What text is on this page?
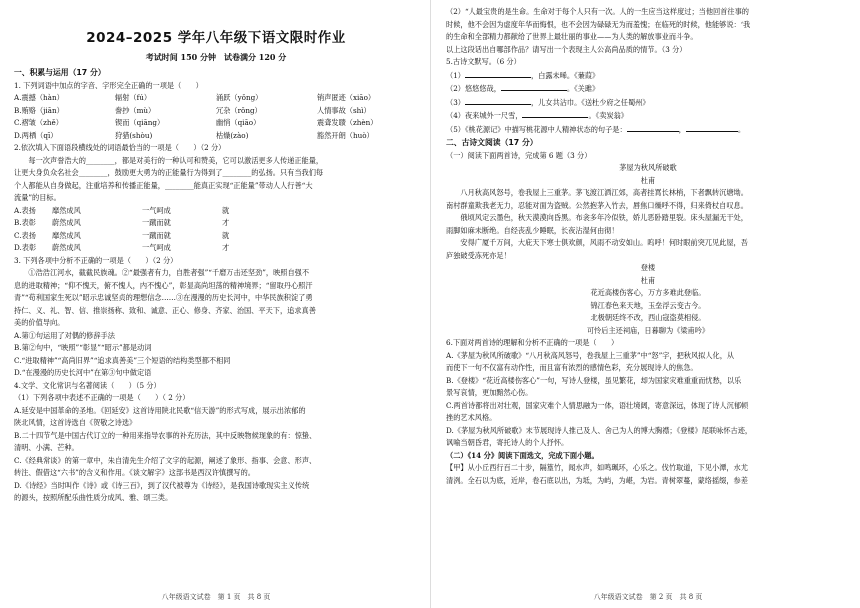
2024–2025 学年八年级下语文限时作业
考试时间 150 分钟　试卷满分 120 分
一、积累与运用（17 分）

1. 下列词语中加点的字音、字形完全正确的一项是（　　）

A.震撼（hàn）	辐射（fú）	涌跃（yǒng）	销声匿迹（xiāo）
B.贿赂（jiān）	誊抄（mù）	冗杂（rǒng）	人情事故（shì）
C.褶皱（zhě）	锲而（qiāng）	幽悄（qiāo）	震聋发聩（zhèn）
D.两栖（qī）	狩猎(shòu)	枯燥(zào)	豁然开朗（huò）

2.依次填入下面语段横线处的词语最恰当的一项是（　　）（2 分）

每一次声誉浩大的________，都是对美行的一种认可和赞美，它可以激活更多人传递正能量，

让更大身负众名社会________，鼓励更大勇为的正能量行为得到了________的弘扬。只有当我们每

个人都能从自身做起，注重培养和传播正能量，________能真正实现“正能量”带动人人行善“大

流量”的目标。

A.表扬	靡然成风	一气呵成	就
B.表彰	蔚然成风	一蹴而就	才
C.表扬	靡然成风	一蹴而就	就
D.表彰	蔚然成风	一气呵成	才

3. 下列各项中分析不正确的一项是（　　）（2 分）

①浩浩江河水，截截民族魂。②“最强者有力，自胜者强”“千磨万击还坚劲”，映照自强不

息的进取精神；“仰不愧天，俯不愧人，内不愧心”，彰显高尚坦荡的精神境界；“留取丹心照汗

青”“苟利国家生死以”昭示忠诚坚贞的理想信念……③在漫漫的历史长河中，中华民族积淀了勇

持仁、义、礼、智、信、推崇扬称、致和、诚意、正心、修身、齐家、治国、平天下，追求真善

美的价值导向。

A.第①句运用了对偶的修辞手法

B.第②句中，“映照”“彰显”“昭示”都是动词

C.“进取精神”“高尚旧界”“追求真善美”三个短语的结构类型都不相同

D.“在漫漫的历史长河中”在第③句中做定语

4.文学、文化常识与名著阅读（　　）（5 分）

（1）下列各项中表述不正确的一项是（　　）（ 2 分）

A.延安是中国革命的圣地。《回延安》这首诗用陕北民歌“信天游”的形式写成，展示出浓郁的

陕北风情，这首诗选自《贺敬之诗选》

B.二十四节气是中国古代订立的一种用来指导农事的补充历法，其中反映物候现象的有：惊蛰、

清明、小满、芒种。

C.《经典常谈》的第一章中，朱自清先生介绍了文字的起源，阐述了象形、指事、会意、形声、

转注、假借这“六书”的含义和作用。《谈文解字》这部书是西汉许慎撰写的。

D.《诗经》当时叫作《诗》或《诗三百》，到了汉代被尊为《诗经》，是我国诗歌现实主义传统

的源头，按照所配乐曲性质分成风、雅、颂三类。

八年级语文试卷　第 1 页　共 8 页

（2）“人最宝贵的是生命。生命对于每个人只有一次。人的一生应当这样度过；当他回首往事的

时候，他不会因为虚度年华而悔恨，也不会因为碌碌无为而羞愧；在临死的时候，他能够说：‘我

的生命和全部精力都献给了世界上最壮丽的事业——为人类的解放事业而斗争。

以上这段话出自哪部作品？请写出一个表现主人公高尚品质的情节。（3 分）

5.古诗文默写。（6 分）

（1）	，白露未晞。《蒹葭》

（2）悠悠悠哉，	。《关雎》

（3）	，儿女共沾巾。《送杜少府之任蜀州》

（4）夜来城外一尺雪，	。《卖炭翁》

（5）《桃花源记》中描写桃花源中人精神状态的句子是：	，	。

二、古诗文阅读（17 分）

（一）阅读下面两首诗，完成第 6 题（3 分）

茅屋为秋风所破歌

杜甫

八月秋高风怒号，卷我屋上三重茅。茅飞渡江洒江郊，高者挂罥长林梢，下者飘转沉塘坳。

南村群童欺我老无力，忍能对面为盗贼。公然抱茅入竹去，唇焦口燥呼不得，归来倚杖自叹息。

俄顷风定云墨色，秋天漠漠向昏黑。布衾多年冷似铁，娇儿恶卧踏里裂。床头屋漏无干处，

雨脚如麻未断绝。自经丧乱少睡眠，长夜沾湿何由彻！

安得广厦千万间，大庇天下寒士俱欢颜，风雨不动安如山。呜呼！何时眼前突兀见此屋，吾

庐独破受冻死亦足！

登楼

杜甫

花近高楼伤客心，万方多难此登临。

锦江春色来天地，玉垒浮云变古今。

北极朝廷终不改，西山寇盗莫相侵。

可怜后主还祠庙，日暮聊为《梁甫吟》

6.下面对两首诗的理解和分析不正确的一项是（　　）

A.《茅屋为秋风所破歌》“八月秋高风怒号，卷我屋上三重茅”中“怒”字，把秋风拟人化，从

而使下一句不仅富有动作性，而且富有浓烈的感情色彩，充分展现诗人的焦急。

B.《登楼》“花近高楼伤客心”一句，写诗人登楼，虽见繁花，却为国家灾难重重而忧愁，以乐

景写哀情，更加黯然心伤。

C.两首诗都将出对壮观，国家灾难个人情思融为一体，语壮境阔，寄意深远，体现了诗人沉郁顿

挫的艺术风格。

D.《茅屋为秋风所破歌》末节展现诗人推己及人、舍己为人的博大胸襟；《登楼》尾联咏怀古迹，

讽喻当朝昏君，寄托诗人的个人抒怀。

（二）《14 分》阅读下面选文，完成下面小题。

【甲】从小丘西行百二十步，隔篁竹，闻水声，如鸣珮环，心乐之。伐竹取道，下见小潭，水尤

清洌。全石以为底，近岸，卷石底以出，为坻，为屿，为嵁，为岩。青树翠蔓，蒙络摇缀，参差

八年级语文试卷　第 2 页　共 8 页
